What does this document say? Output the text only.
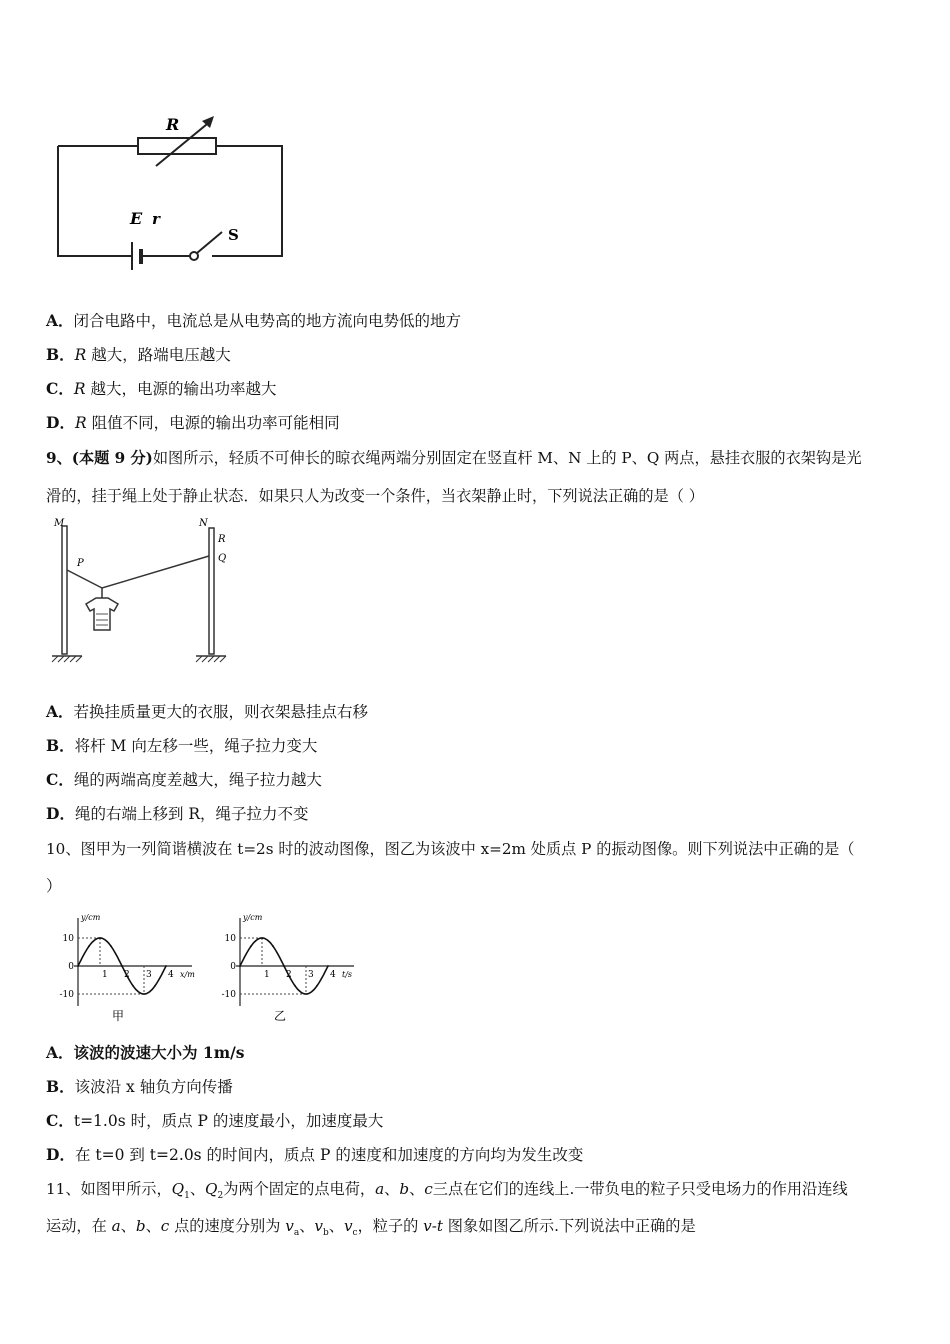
R
E r
S
A．闭合电路中，电流总是从电势高的地方流向电势低的地方
B．R 越大，路端电压越大
C．R 越大，电源的输出功率越大
D．R 阻值不同，电源的输出功率可能相同
9、(本题 9 分)如图所示，轻质不可伸长的晾衣绳两端分别固定在竖直杆 M、N 上的 P、Q 两点，悬挂衣服的衣架钩是光
滑的，挂于绳上处于静止状态．如果只人为改变一个条件，当衣架静止时，下列说法正确的是（ ）
M	N
P
R
Q
A．若换挂质量更大的衣服，则衣架悬挂点右移
B．将杆 M 向左移一些，绳子拉力变大
C．绳的两端高度差越大，绳子拉力越大
D．绳的右端上移到 R，绳子拉力不变
10、图甲为一列简谐横波在 t=2s 时的波动图像，图乙为该波中 x=2m 处质点 P 的振动图像。则下列说法中正确的是（
）
1 2 3 4
10
0
-10
y/cm
x/m
甲
1 2 3 4
10
0
-10
y/cm
t/s
乙
A．该波的波速大小为 1m/s
B．该波沿 x 轴负方向传播
C．t=1.0s 时，质点 P 的速度最小，加速度最大
D．在 t=0 到 t=2.0s 的时间内，质点 P 的速度和加速度的方向均为发生改变
11、如图甲所示，$Q_1$、$Q_2$为两个固定的点电荷，a、b、c三点在它们的连线上.一带负电的粒子只受电场力的作用沿连线
运动，在 a、b、c 点的速度分别为 $v_a$、$v_b$、$v_c$，粒子的 v-t 图象如图乙所示.下列说法中正确的是
